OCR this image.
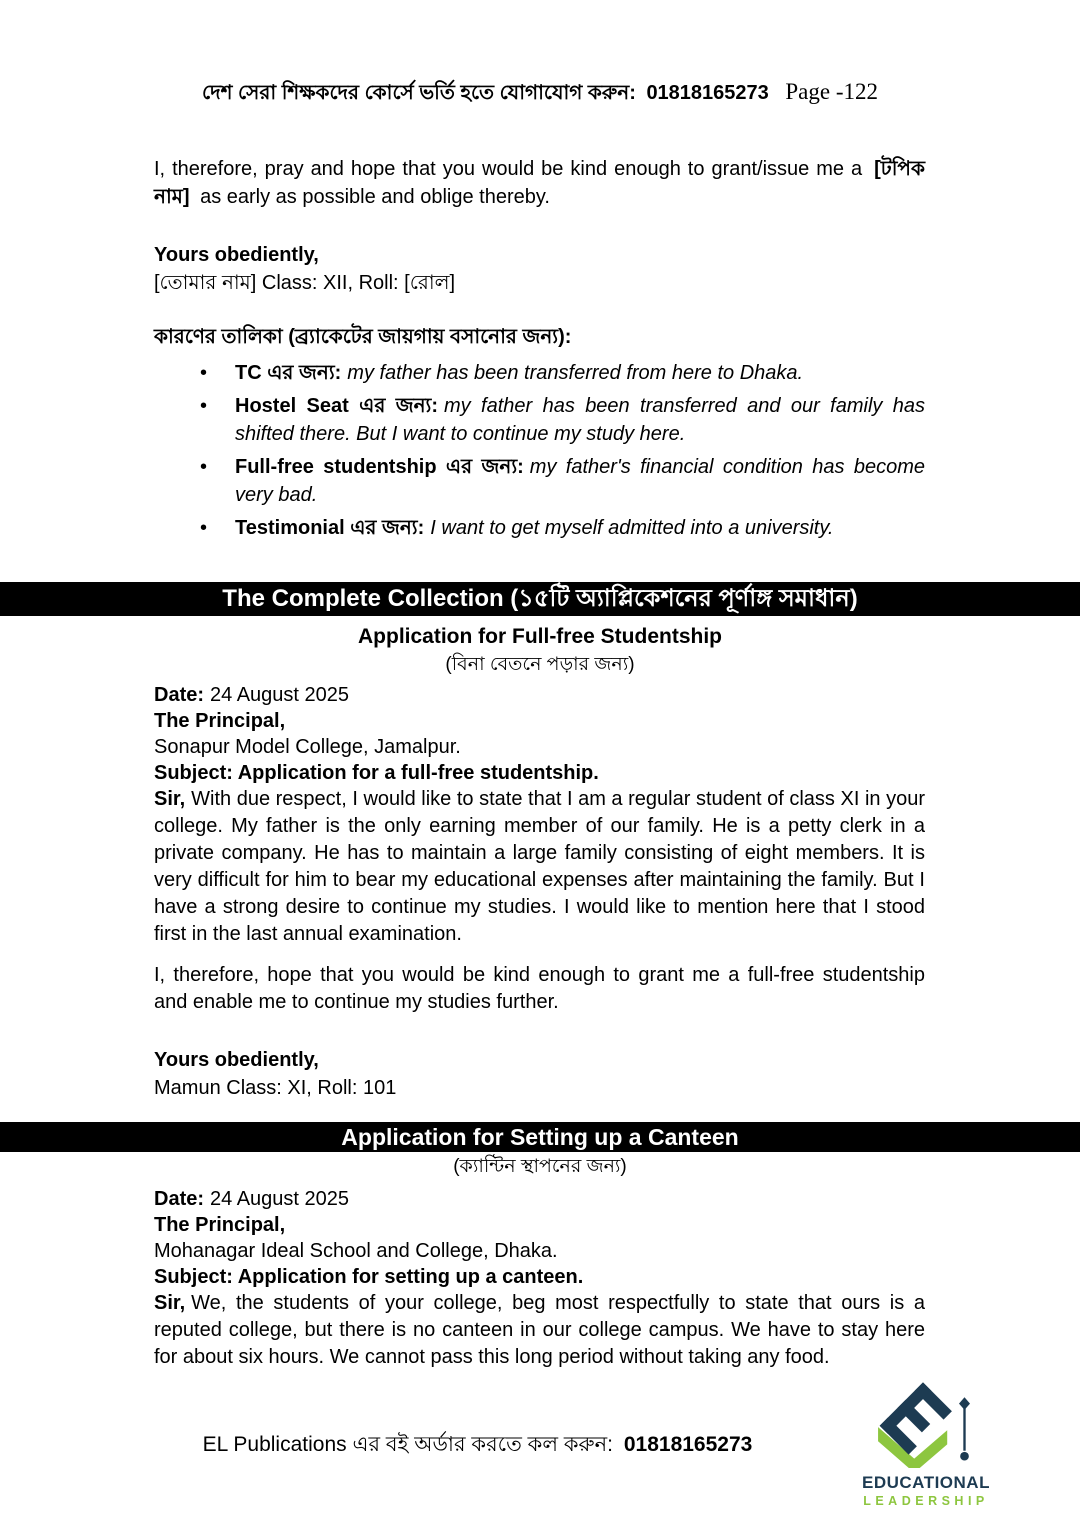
দেশ সেরা শিক্ষকদের কোর্সে ভর্তি হতে যোগাযোগ করুন: 01818165273 Page -122
I, therefore, pray and hope that you would be kind enough to grant/issue me a [টপিক নাম] as early as possible and oblige thereby.
Yours obediently,
[তোমার নাম] Class: XII, Roll: [রোল]
কারণের তালিকা (ব্র্যাকেটের জায়গায় বসানোর জন্য):
•	TC এর জন্য: my father has been transferred from here to Dhaka.
•	Hostel Seat এর জন্য: my father has been transferred and our family has shifted there. But I want to continue my study here.
•	Full-free studentship এর জন্য: my father's financial condition has become very bad.
•	Testimonial এর জন্য: I want to get myself admitted into a university.
The Complete Collection (১৫টি অ্যাপ্লিকেশনের পূর্ণাঙ্গ সমাধান)
Application for Full-free Studentship
(বিনা বেতনে পড়ার জন্য)
Date: 24 August 2025
The Principal,
Sonapur Model College, Jamalpur.
Subject: Application for a full-free studentship.
Sir, With due respect, I would like to state that I am a regular student of class XI in your college. My father is the only earning member of our family. He is a petty clerk in a private company. He has to maintain a large family consisting of eight members. It is very difficult for him to bear my educational expenses after maintaining the family. But I have a strong desire to continue my studies. I would like to mention here that I stood first in the last annual examination.
I, therefore, hope that you would be kind enough to grant me a full-free studentship and enable me to continue my studies further.
Yours obediently,
Mamun Class: XI, Roll: 101
Application for Setting up a Canteen
(ক্যান্টিন স্থাপনের জন্য)
Date: 24 August 2025
The Principal,
Mohanagar Ideal School and College, Dhaka.
Subject: Application for setting up a canteen.
Sir, We, the students of your college, beg most respectfully to state that ours is a reputed college, but there is no canteen in our college campus. We have to stay here for about six hours. We cannot pass this long period without taking any food.
EL Publications এর বই অর্ডার করতে কল করুন: 01818165273
EDUCATIONAL
LEADERSHIP
